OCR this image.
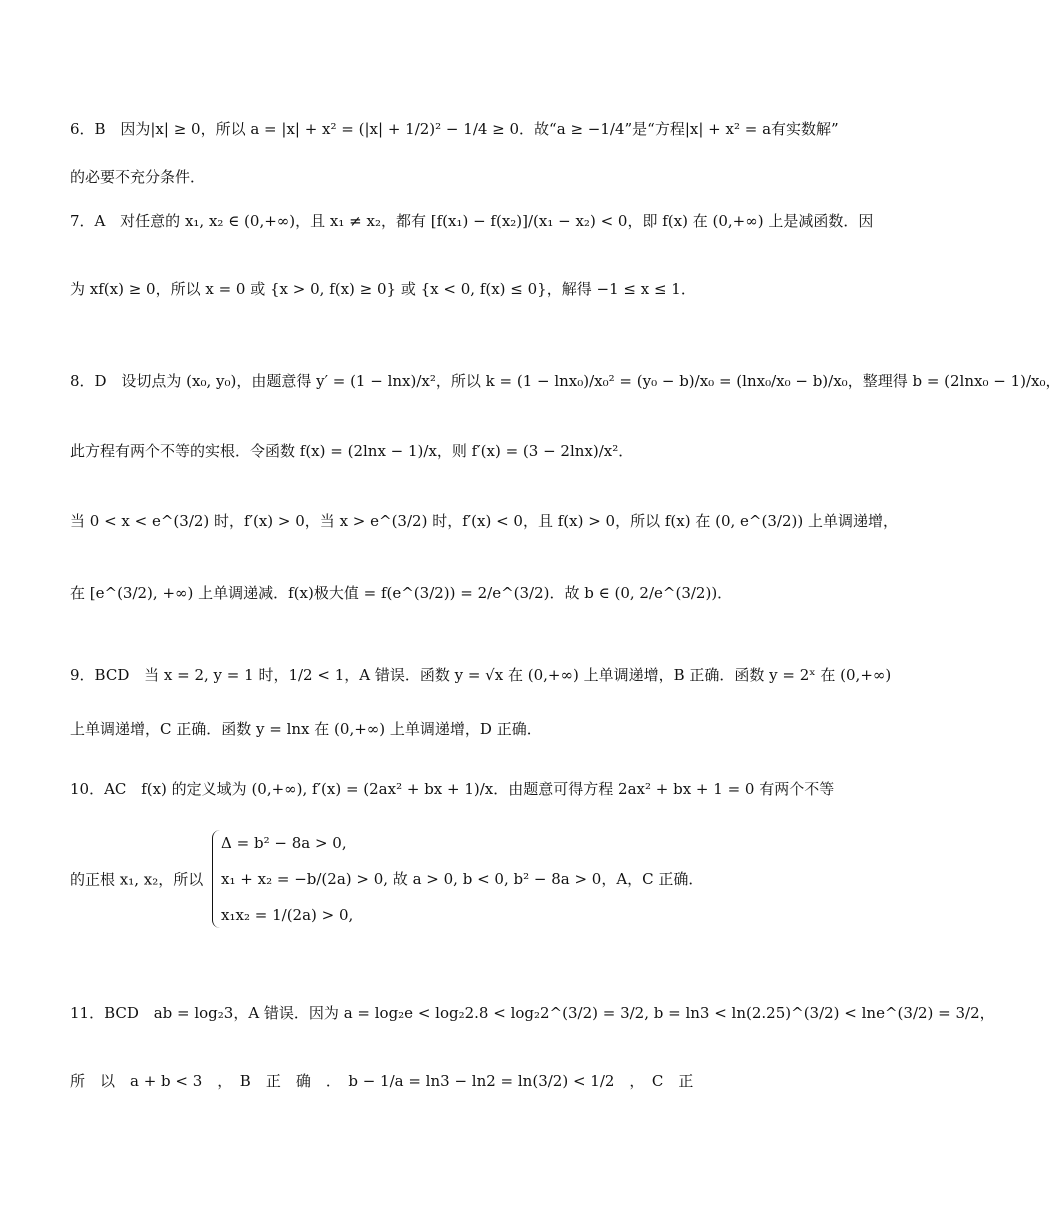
6．B 因为|x| ≥ 0，所以 a = |x| + x² = (|x| + 1/2)² − 1/4 ≥ 0．故“a ≥ −1/4”是“方程|x| + x² = a有实数解”
的必要不充分条件．
7．A 对任意的 x₁, x₂ ∈ (0,+∞)，且 x₁ ≠ x₂，都有 [f(x₁) − f(x₂)]/(x₁ − x₂) < 0，即 f(x) 在 (0,+∞) 上是减函数．因
为 xf(x) ≥ 0，所以 x = 0 或 {x > 0, f(x) ≥ 0} 或 {x < 0, f(x) ≤ 0}，解得 −1 ≤ x ≤ 1．
8．D 设切点为 (x₀, y₀)，由题意得 y′ = (1 − lnx)/x²，所以 k = (1 − lnx₀)/x₀² = (y₀ − b)/x₀ = (lnx₀/x₀ − b)/x₀，整理得 b = (2lnx₀ − 1)/x₀，
此方程有两个不等的实根．令函数 f(x) = (2lnx − 1)/x，则 f′(x) = (3 − 2lnx)/x²．
当 0 < x < e^(3/2) 时，f′(x) > 0，当 x > e^(3/2) 时，f′(x) < 0，且 f(x) > 0，所以 f(x) 在 (0, e^(3/2)) 上单调递增，
在 [e^(3/2), +∞) 上单调递减．f(x)极大值 = f(e^(3/2)) = 2/e^(3/2)．故 b ∈ (0, 2/e^(3/2))．
9．BCD 当 x = 2, y = 1 时，1/2 < 1，A 错误．函数 y = √x 在 (0,+∞) 上单调递增，B 正确．函数 y = 2ˣ 在 (0,+∞)
上单调递增，C 正确．函数 y = lnx 在 (0,+∞) 上单调递增，D 正确．
10．AC f(x) 的定义域为 (0,+∞), f′(x) = (2ax² + bx + 1)/x．由题意可得方程 2ax² + bx + 1 = 0 有两个不等
的正根 x₁, x₂，所以
Δ = b² − 8a > 0,
x₁ + x₂ = −b/(2a) > 0, 故 a > 0, b < 0, b² − 8a > 0，A，C 正确．
x₁x₂ = 1/(2a) > 0,
11．BCD ab = log₂3，A 错误．因为 a = log₂e < log₂2.8 < log₂2^(3/2) = 3/2, b = ln3 < ln(2.25)^(3/2) < lne^(3/2) = 3/2，
所　以　a + b < 3　，　B　正　确　．　b − 1/a = ln3 − ln2 = ln(3/2) < 1/2　，　C　正
